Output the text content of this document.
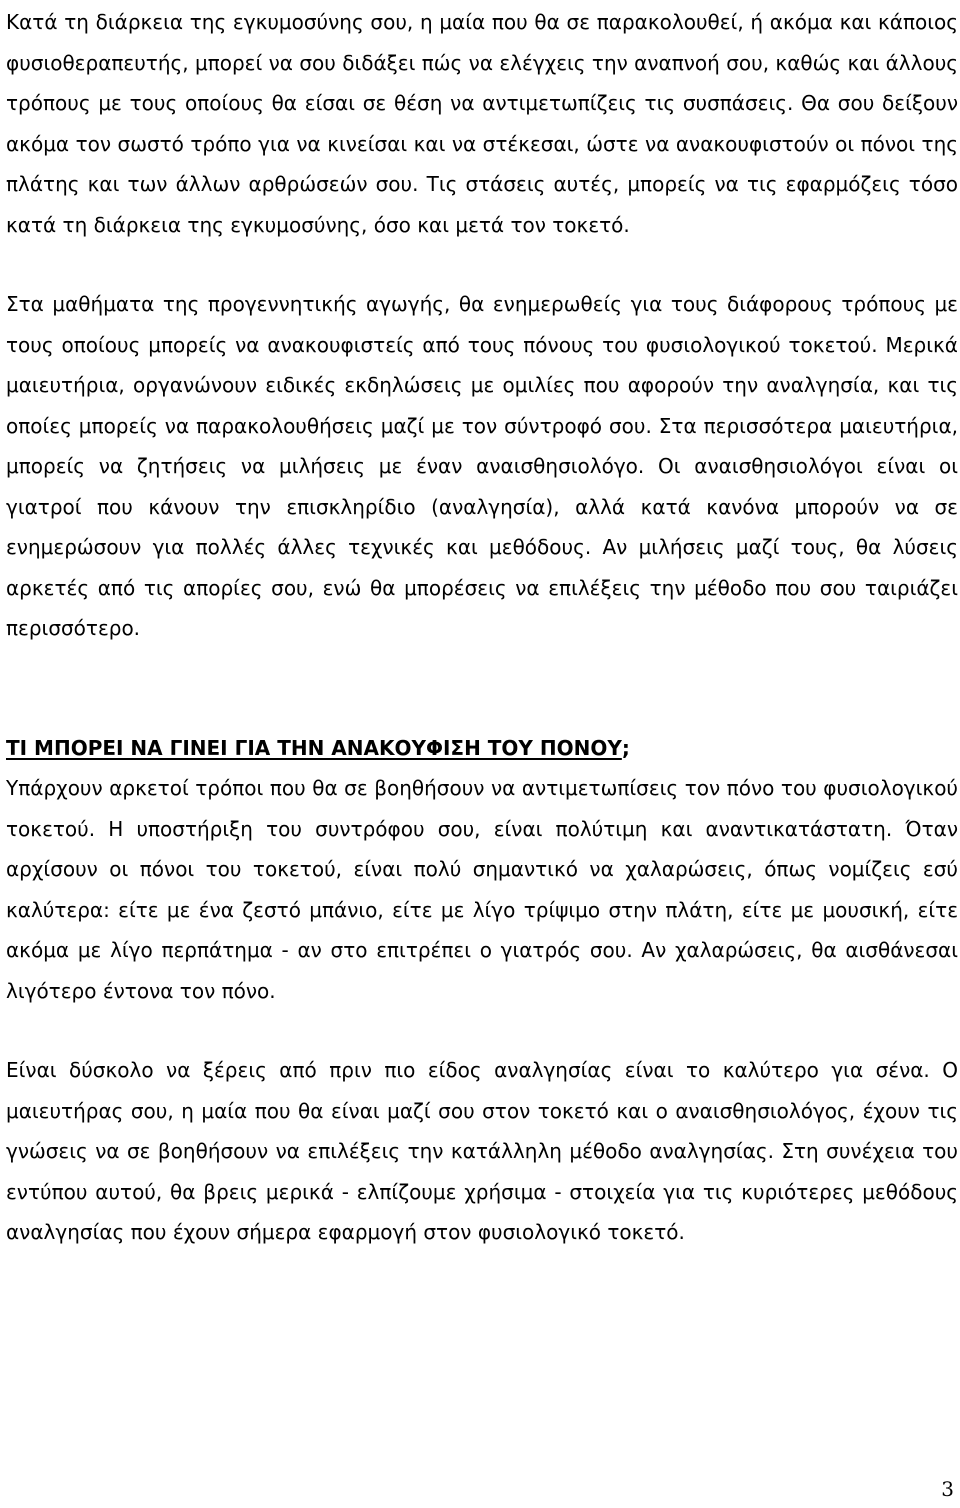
Κατά τη διάρκεια της εγκυμοσύνης σου, η μαία που θα σε παρακολουθεί, ή ακόμα και κάποιος φυσιοθεραπευτής, μπορεί να σου διδάξει πώς να ελέγχεις την αναπνοή σου, καθώς και άλλους τρόπους με τους οποίους θα είσαι σε θέση να αντιμετωπίζεις τις συσπάσεις. Θα σου δείξουν ακόμα τον σωστό τρόπο για να κινείσαι και να στέκεσαι, ώστε να ανακουφιστούν οι πόνοι της πλάτης και των άλλων αρθρώσεών σου. Τις στάσεις αυτές, μπορείς να τις εφαρμόζεις τόσο κατά τη διάρκεια της εγκυμοσύνης, όσο και μετά τον τοκετό.

Στα μαθήματα της προγεννητικής αγωγής, θα ενημερωθείς για τους διάφορους τρόπους με τους οποίους μπορείς να ανακουφιστείς από τους πόνους του φυσιολογικού τοκετού. Μερικά μαιευτήρια, οργανώνουν ειδικές εκδηλώσεις με ομιλίες που αφορούν την αναλγησία, και τις οποίες μπορείς να παρακολουθήσεις μαζί με τον σύντροφό σου. Στα περισσότερα μαιευτήρια, μπορείς να ζητήσεις να μιλήσεις με έναν αναισθησιολόγο. Οι αναισθησιολόγοι είναι οι γιατροί που κάνουν την επισκληρίδιο (αναλγησία), αλλά κατά κανόνα μπορούν να σε ενημερώσουν για πολλές άλλες τεχνικές και μεθόδους. Αν μιλήσεις μαζί τους, θα λύσεις αρκετές από τις απορίες σου, ενώ θα μπορέσεις να επιλέξεις την μέθοδο που σου ταιριάζει περισσότερο.

ΤΙ ΜΠΟΡΕΙ ΝΑ ΓΙΝΕΙ ΓΙΑ ΤΗΝ ΑΝΑΚΟΥΦΙΣΗ ΤΟΥ ΠΟΝΟΥ;

Υπάρχουν αρκετοί τρόποι που θα σε βοηθήσουν να αντιμετωπίσεις τον πόνο του φυσιολογικού τοκετού. Η υποστήριξη του συντρόφου σου, είναι πολύτιμη και αναντικατάστατη. Όταν αρχίσουν οι πόνοι του τοκετού, είναι πολύ σημαντικό να χαλαρώσεις, όπως νομίζεις εσύ καλύτερα: είτε με ένα ζεστό μπάνιο, είτε με λίγο τρίψιμο στην πλάτη, είτε με μουσική, είτε ακόμα με λίγο περπάτημα - αν στο επιτρέπει ο γιατρός σου. Αν χαλαρώσεις, θα αισθάνεσαι λιγότερο έντονα τον πόνο.

Είναι δύσκολο να ξέρεις από πριν πιο είδος αναλγησίας είναι το καλύτερο για σένα. Ο μαιευτήρας σου, η μαία που θα είναι μαζί σου στον τοκετό και ο αναισθησιολόγος, έχουν τις γνώσεις να σε βοηθήσουν να επιλέξεις την κατάλληλη μέθοδο αναλγησίας. Στη συνέχεια του εντύπου αυτού, θα βρεις μερικά - ελπίζουμε χρήσιμα - στοιχεία για τις κυριότερες μεθόδους αναλγησίας που έχουν σήμερα εφαρμογή στον φυσιολογικό τοκετό.

3
